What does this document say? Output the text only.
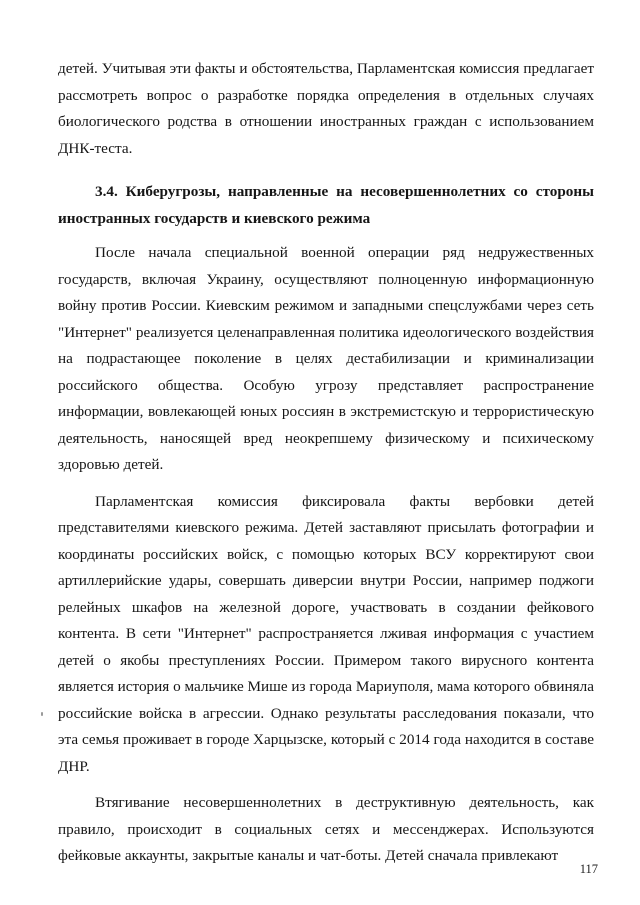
детей. Учитывая эти факты и обстоятельства, Парламентская комиссия предлагает рассмотреть вопрос о разработке порядка определения в отдельных случаях биологического родства в отношении иностранных граждан с использованием ДНК-теста.

3.4. Киберугрозы, направленные на несовершеннолетних со стороны иностранных государств и киевского режима

После начала специальной военной операции ряд недружественных государств, включая Украину, осуществляют полноценную информационную войну против России. Киевским режимом и западными спецслужбами через сеть "Интернет" реализуется целенаправленная политика идеологического воздействия на подрастающее поколение в целях дестабилизации и криминализации российского общества. Особую угрозу представляет распространение информации, вовлекающей юных россиян в экстремистскую и террористическую деятельность, наносящей вред неокрепшему физическому и психическому здоровью детей.

Парламентская комиссия фиксировала факты вербовки детей представителями киевского режима. Детей заставляют присылать фотографии и координаты российских войск, с помощью которых ВСУ корректируют свои артиллерийские удары, совершать диверсии внутри России, например поджоги релейных шкафов на железной дороге, участвовать в создании фейкового контента. В сети "Интернет" распространяется лживая информация с участием детей о якобы преступлениях России. Примером такого вирусного контента является история о мальчике Мише из города Мариуполя, мама которого обвиняла российские войска в агрессии. Однако результаты расследования показали, что эта семья проживает в городе Харцызске, который с 2014 года находится в составе ДНР.

Втягивание несовершеннолетних в деструктивную деятельность, как правило, происходит в социальных сетях и мессенджерах. Используются фейковые аккаунты, закрытые каналы и чат-боты. Детей сначала привлекают

117
